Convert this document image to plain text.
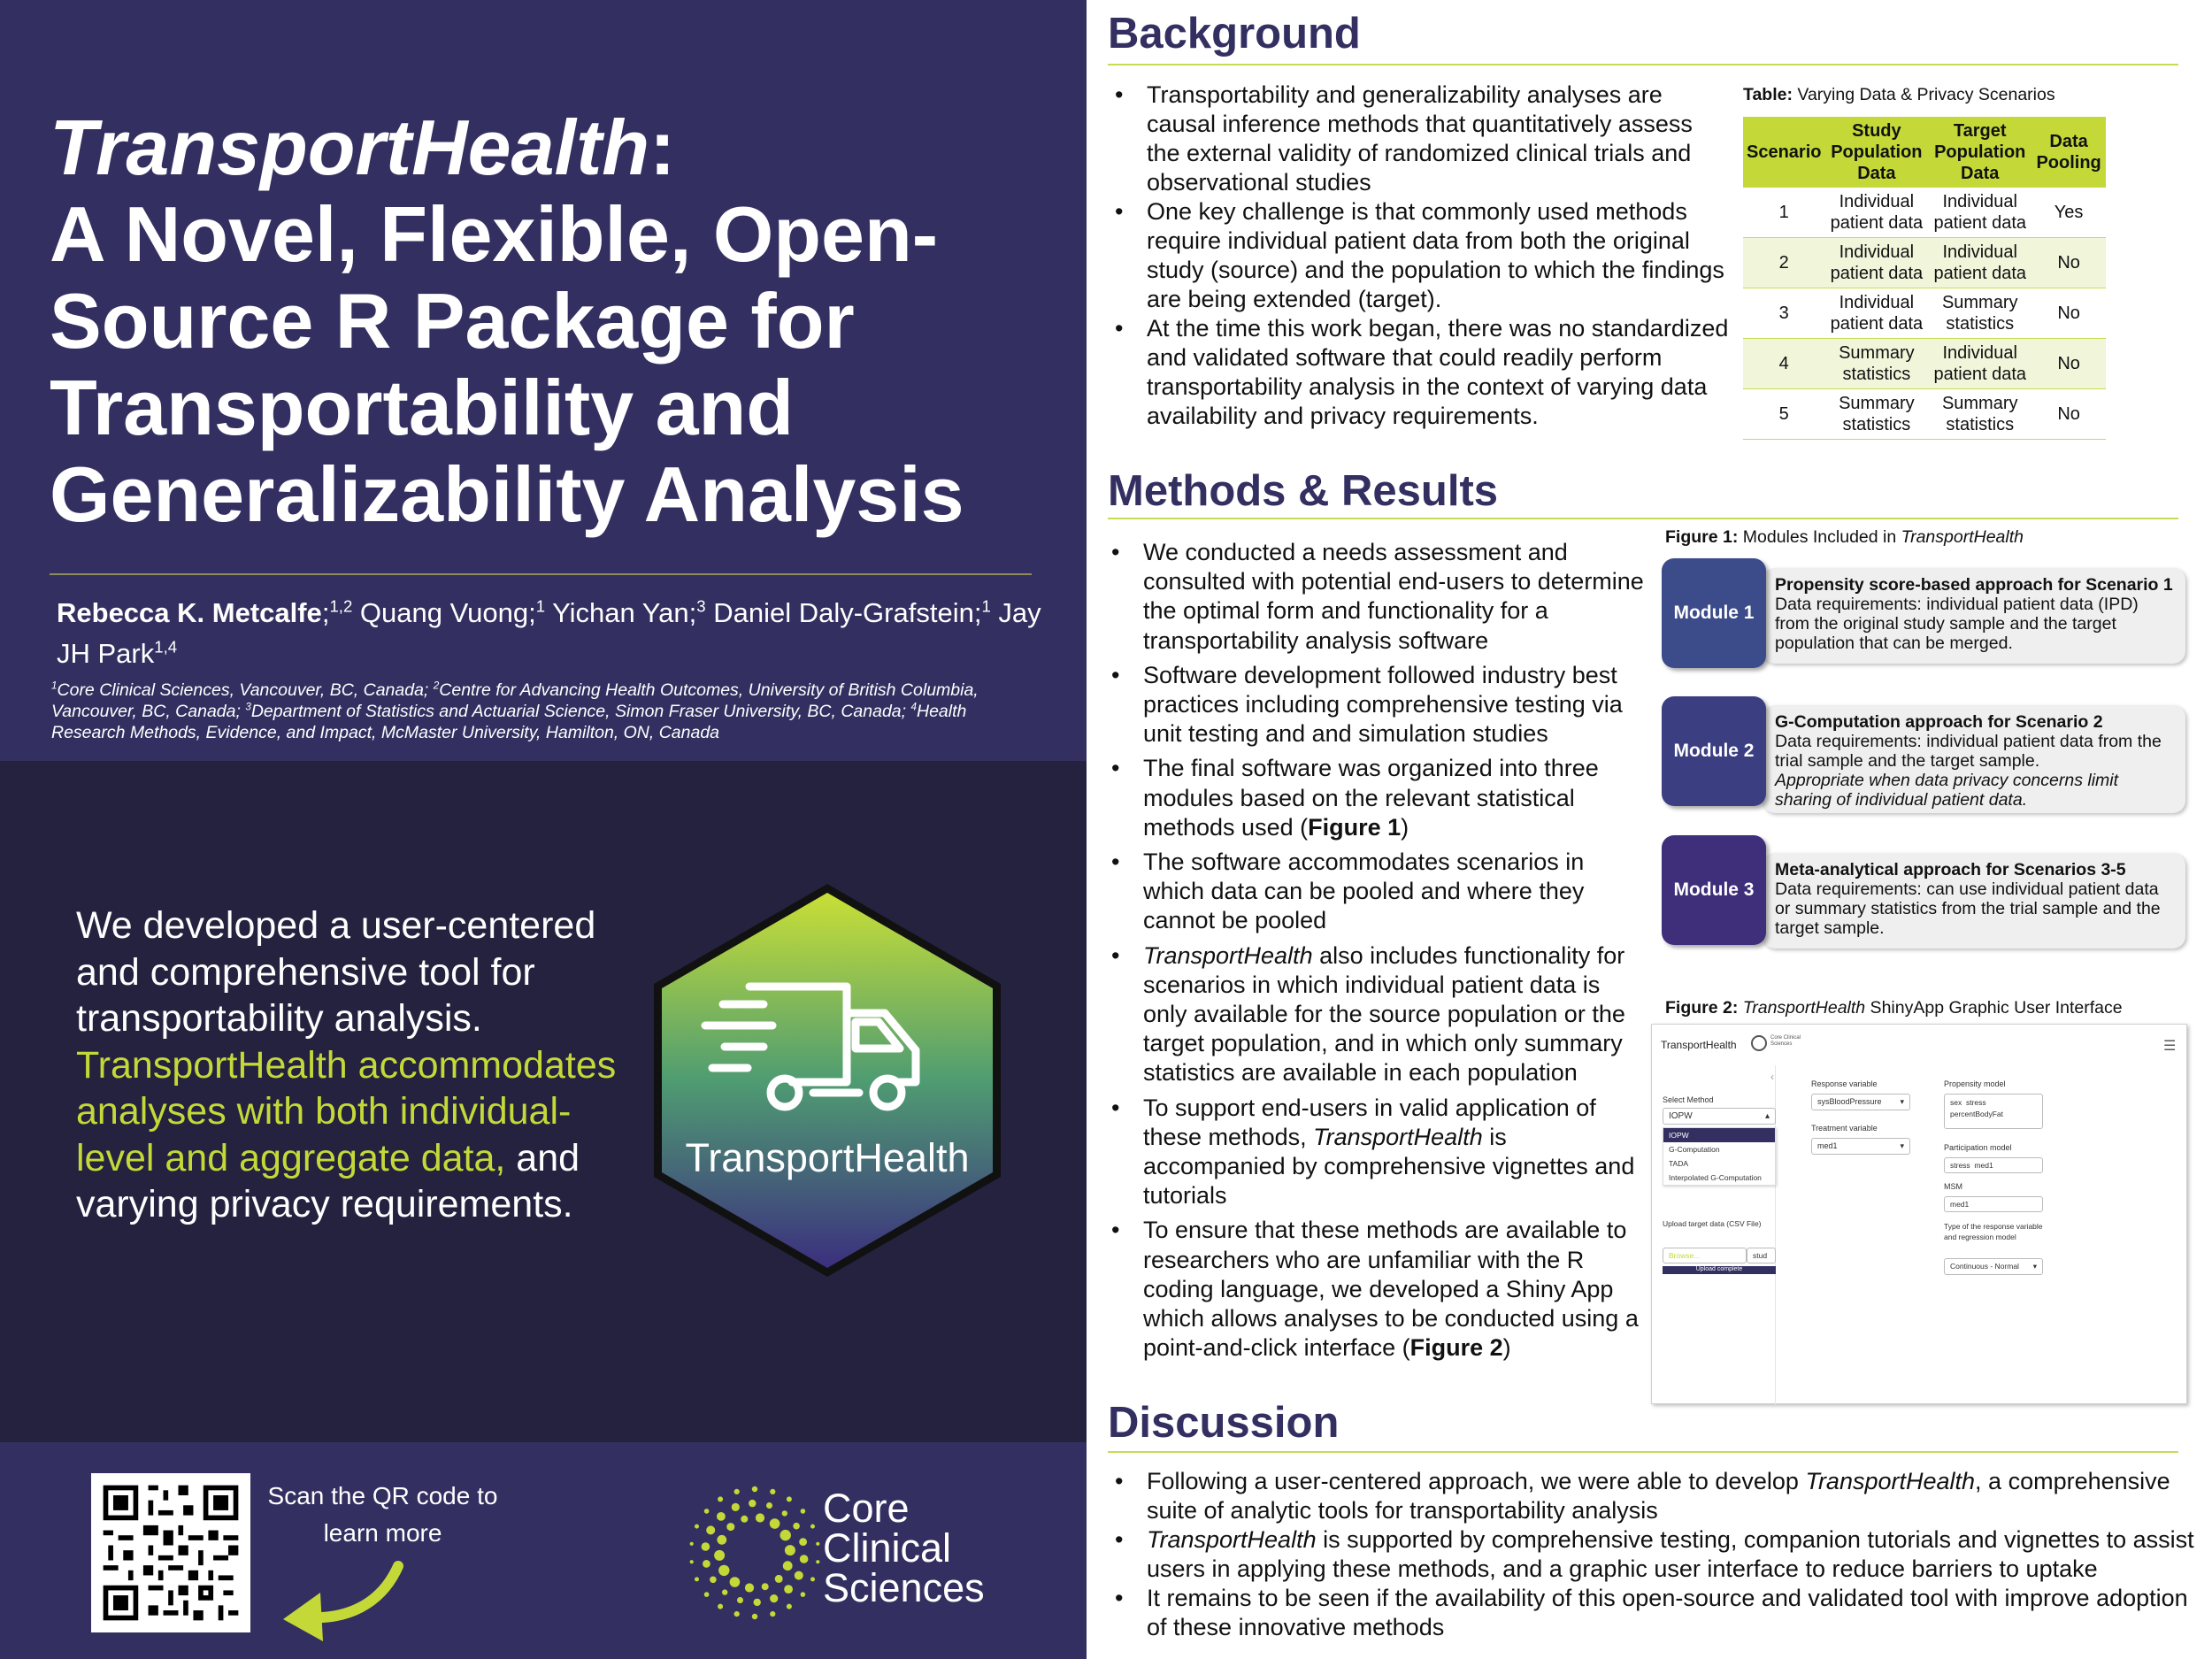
TransportHealth:
A Novel, Flexible, Open-Source R Package for Transportability and Generalizability Analysis
Rebecca K. Metcalfe;$^{1,2}$ Quang Vuong;$^1$ Yichan Yan;$^3$ Daniel Daly-Grafstein;$^1$ Jay JH Park$^{1,4}$
$^1$Core Clinical Sciences, Vancouver, BC, Canada; $^2$Centre for Advancing Health Outcomes, University of British Columbia, Vancouver, BC, Canada; $^3$Department of Statistics and Actuarial Science, Simon Fraser University, BC, Canada; $^4$Health Research Methods, Evidence, and Impact, McMaster University, Hamilton, ON, Canada
We developed a user-centered and comprehensive tool for transportability analysis. TransportHealth accommodates analyses with both individual-level and aggregate data, and varying privacy requirements.
TransportHealth
Scan the QR code to learn more
Core
Clinical
Sciences
Background
• Transportability and generalizability analyses are causal inference methods that quantitatively assess the external validity of randomized clinical trials and observational studies
• One key challenge is that commonly used methods require individual patient data from both the original study (source) and the population to which the findings are being extended (target).
• At the time this work began, there was no standardized and validated software that could readily perform transportability analysis in the context of varying data availability and privacy requirements.
Table: Varying Data & Privacy Scenarios
Scenario	Study Population Data	Target Population Data	Data Pooling
1	Individual patient data	Individual patient data	Yes
2	Individual patient data	Individual patient data	No
3	Individual patient data	Summary statistics	No
4	Summary statistics	Individual patient data	No
5	Summary statistics	Summary statistics	No
Methods & Results
• We conducted a needs assessment and consulted with potential end-users to determine the optimal form and functionality for a transportability analysis software
• Software development followed industry best practices including comprehensive testing via unit testing and and simulation studies
• The final software was organized into three modules based on the relevant statistical methods used (Figure 1)
• The software accommodates scenarios in which data can be pooled and where they cannot be pooled
• TransportHealth also includes functionality for scenarios in which individual patient data is only available for the source population or the target population, and in which only summary statistics are available in each population
• To support end-users in valid application of these methods, TransportHealth is accompanied by comprehensive vignettes and tutorials
• To ensure that these methods are available to researchers who are unfamiliar with the R coding language, we developed a Shiny App which allows analyses to be conducted using a point-and-click interface (Figure 2)
Figure 1: Modules Included in TransportHealth
Propensity score-based approach for Scenario 1
Data requirements: individual patient data (IPD) from the original study sample and the target population that can be merged.
Module 1
G-Computation approach for Scenario 2
Data requirements: individual patient data from the trial sample and the target sample.
Appropriate when data privacy concerns limit sharing of individual patient data.
Module 2
Meta-analytical approach for Scenarios 3-5
Data requirements: can use individual patient data or summary statistics from the trial sample and the target sample.
Module 3
Figure 2: TransportHealth ShinyApp Graphic User Interface
TransportHealth
Core Clinical Sciences	☰
‹
Select Method
IOPW	▴
IOPW
G-Computation
TADA
Interpolated G-Computation
Upload target data (CSV File)
Browse...	stud
Upload complete
Response variable
sysBloodPressure ▾
Treatment variable
med1	▾
Propensity model
sex stress
percentBodyFat
Participation model
stress med1
MSM
med1
Type of the response variable and regression model
Continuous - Normal ▾
Discussion
• Following a user-centered approach, we were able to develop TransportHealth, a comprehensive suite of analytic tools for transportability analysis
• TransportHealth is supported by comprehensive testing, companion tutorials and vignettes to assist users in applying these methods, and a graphic user interface to reduce barriers to uptake
• It remains to be seen if the availability of this open-source and validated tool with improve adoption of these innovative methods
